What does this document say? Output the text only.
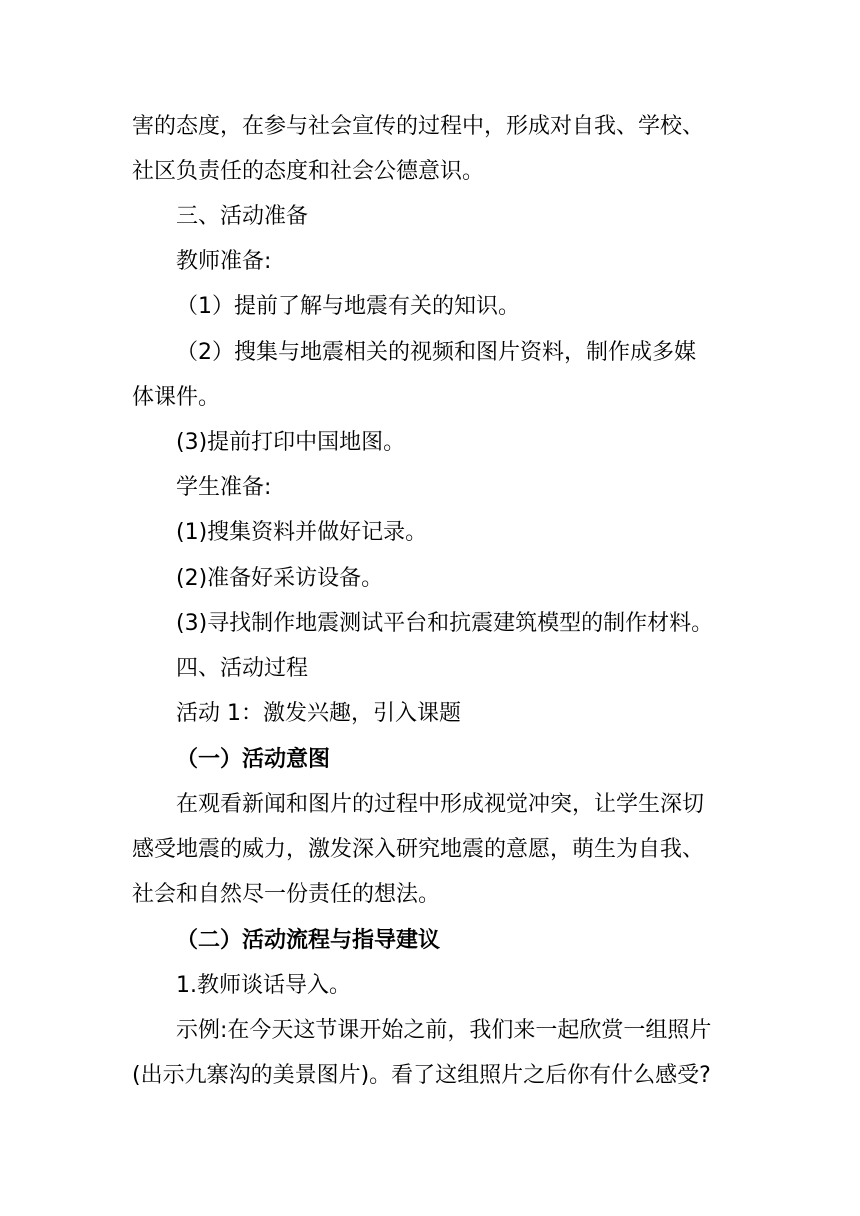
害的态度，在参与社会宣传的过程中，形成对自我、学校、
社区负责任的态度和社会公德意识。
三、活动准备
教师准备:
（1）提前了解与地震有关的知识。
（2）搜集与地震相关的视频和图片资料，制作成多媒
体课件。
(3)提前打印中国地图。
学生准备:
(1)搜集资料并做好记录。
(2)准备好采访设备。
(3)寻找制作地震测试平台和抗震建筑模型的制作材料。
四、活动过程
活动 1：激发兴趣，引入课题
（一）活动意图
在观看新闻和图片的过程中形成视觉冲突，让学生深切
感受地震的威力，激发深入研究地震的意愿，萌生为自我、
社会和自然尽一份责任的想法。
（二）活动流程与指导建议
1.教师谈话导入。
示例:在今天这节课开始之前，我们来一起欣赏一组照片
(出示九寨沟的美景图片)。看了这组照片之后你有什么感受?
